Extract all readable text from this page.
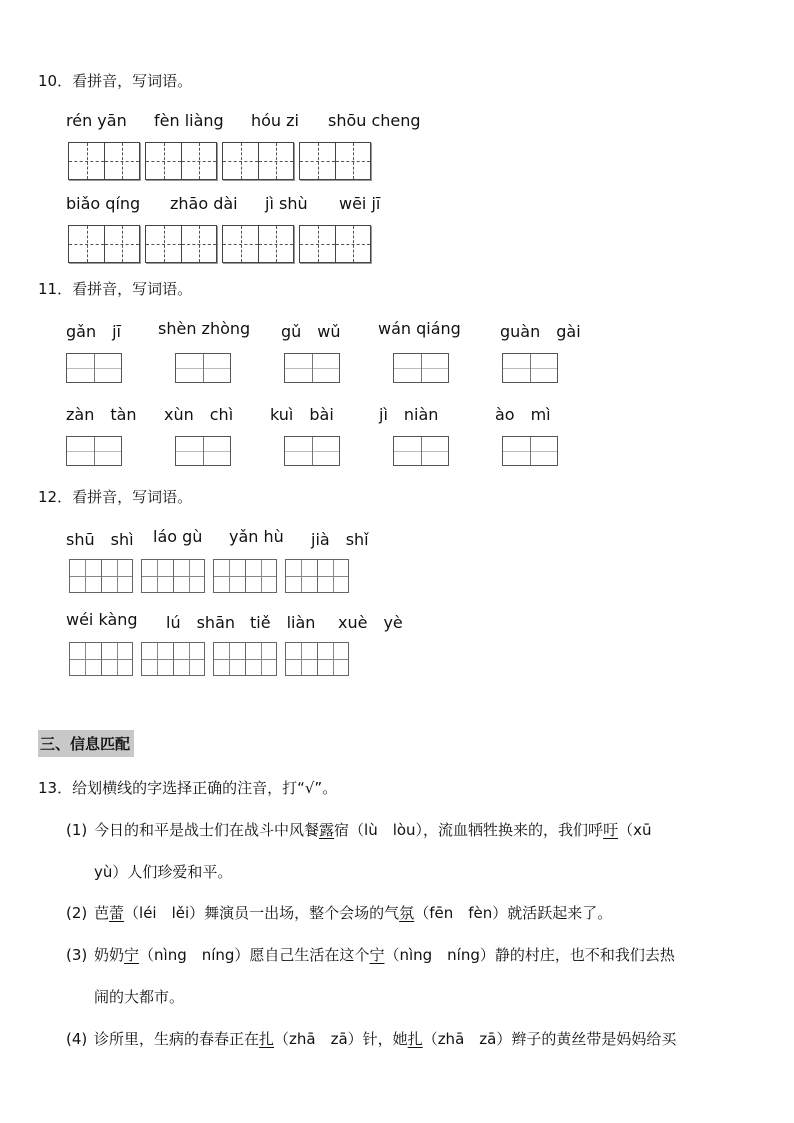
10．看拼音，写词语。
rén yān fèn liàng hóu zi shōu cheng
biǎo qíng zhāo dài jì shù wēi jī
11．看拼音，写词语。
gǎn　jī shèn zhòng gǔ　wǔ wán qiáng guàn　gài
zàn　tàn xùn　chì kuì　bài	jì　niàn	ào　mì
12．看拼音，写词语。
shū　shì láo gù yǎn hù jià　shǐ
wéi kàng lú　shān tiě　liàn xuè　yè
三、信息匹配
13．给划横线的字选择正确的注音，打“√”。
(1) 今日的和平是战士们在战斗中风餐露宿（lù　lòu），流血牺牲换来的，我们呼吁（xū
yù）人们珍爱和平。
(2) 芭蕾（léi　lěi）舞演员一出场，整个会场的气氛（fēn　fèn）就活跃起来了。
(3) 奶奶宁（nìng　níng）愿自己生活在这个宁（nìng　níng）静的村庄，也不和我们去热
闹的大都市。
(4) 诊所里，生病的春春正在扎（zhā　zā）针，她扎（zhā　zā）辫子的黄丝带是妈妈给买
